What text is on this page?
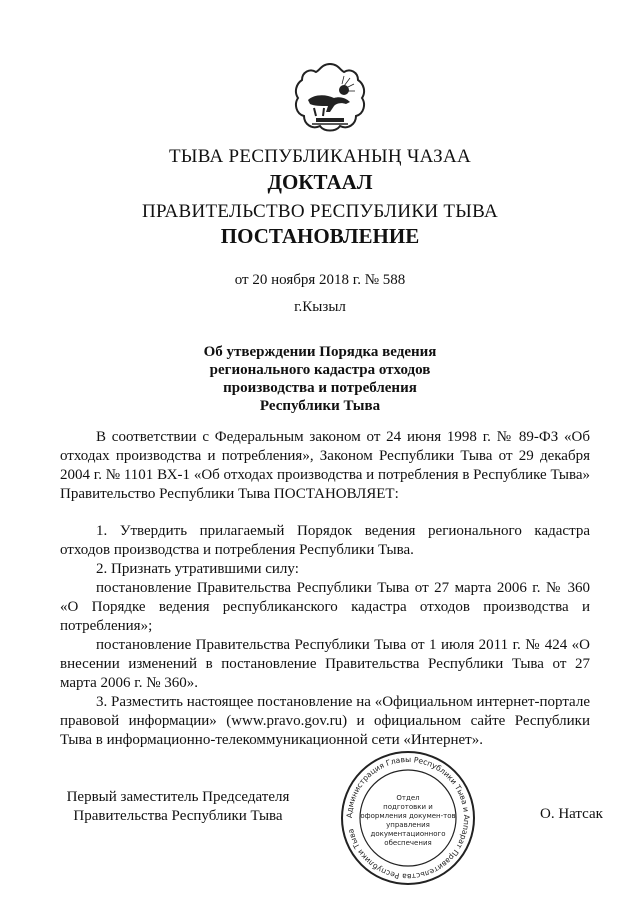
ТЫВА РЕСПУБЛИКАНЫҢ ЧАЗАА
ДОКТААЛ
ПРАВИТЕЛЬСТВО РЕСПУБЛИКИ ТЫВА
ПОСТАНОВЛЕНИЕ
от 20 ноября 2018 г. № 588
г.Кызыл
Об утверждении Порядка ведения
регионального кадастра отходов
производства и потребления
Республики Тыва

В соответствии с Федеральным законом от 24 июня 1998 г. № 89-ФЗ «Об отходах производства и потребления», Законом Республики Тыва от 29 декабря 2004 г. № 1101 ВХ-1 «Об отходах производства и потребления в Республике Тыва» Правительство Республики Тыва ПОСТАНОВЛЯЕТ:

1. Утвердить прилагаемый Порядок ведения регионального кадастра отходов производства и потребления Республики Тыва.

2. Признать утратившими силу:

постановление Правительства Республики Тыва от 27 марта 2006 г. № 360 «О Порядке ведения республиканского кадастра отходов производства и потребления»;

постановление Правительства Республики Тыва от 1 июля 2011 г. № 424 «О внесении изменений в постановление Правительства Республики Тыва от 27 марта 2006 г. № 360».

3. Разместить настоящее постановление на «Официальном интернет-портале правовой информации» (www.pravo.gov.ru) и официальном сайте Республики Тыва в информационно-телекоммуникационной сети «Интернет».

Первый заместитель Председателя
Правительства Республики Тыва	Администрация Главы Республики Тыва и Аппарат Правительства Республики Тыва
Отдел
подготовки и
оформления докумен-тов
управления
документационного
обеспечения
О. Натсак
